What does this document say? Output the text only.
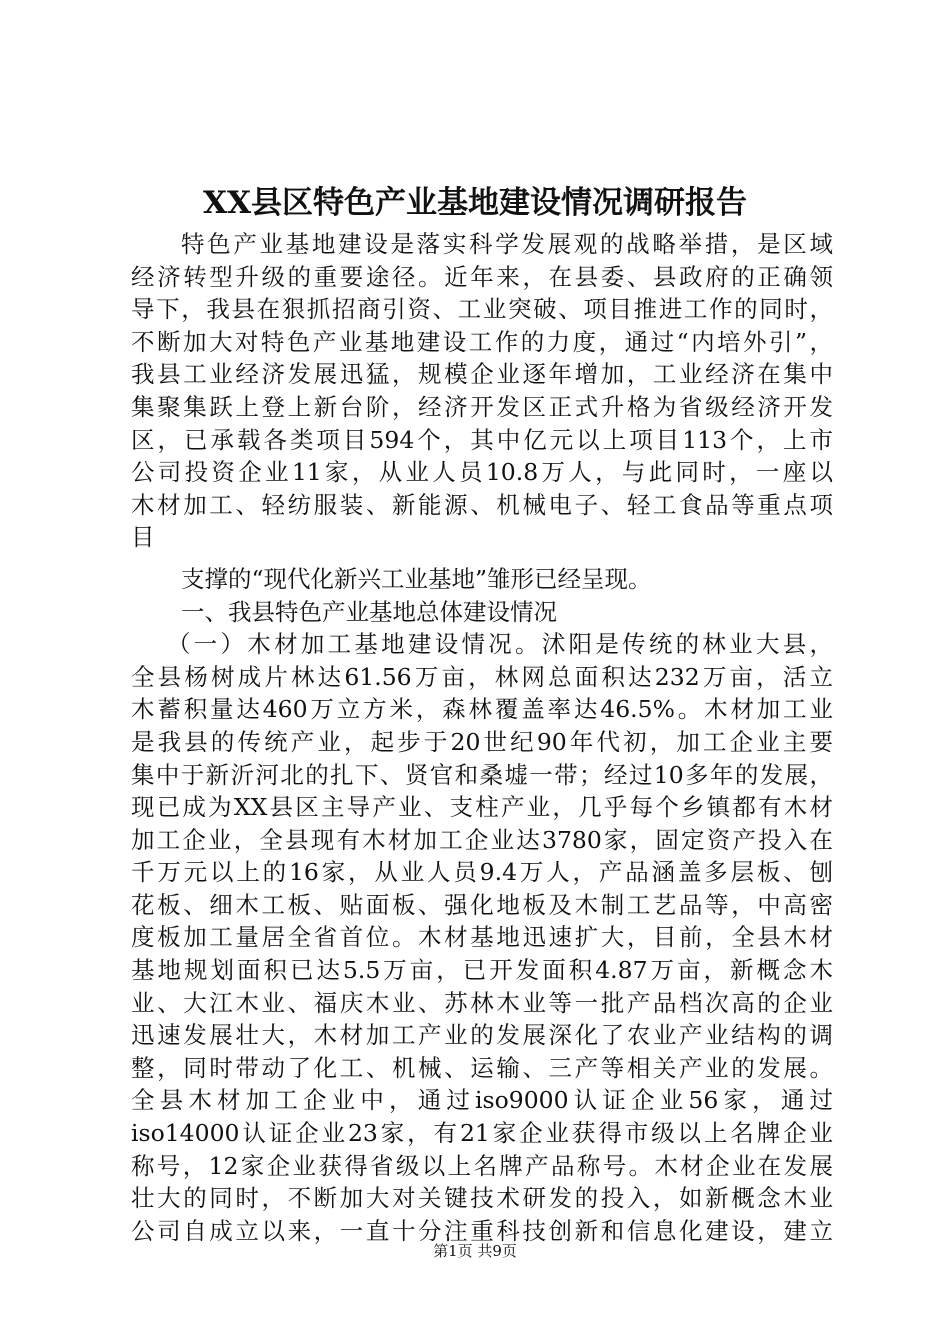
XX县区特色产业基地建设情况调研报告
特色产业基地建设是落实科学发展观的战略举措，是区域
经济转型升级的重要途径。近年来，在县委、县政府的正确领
导下，我县在狠抓招商引资、工业突破、项目推进工作的同时，
不断加大对特色产业基地建设工作的力度，通过“内培外引”，
我县工业经济发展迅猛，规模企业逐年增加，工业经济在集中
集聚集跃上登上新台阶，经济开发区正式升格为省级经济开发
区，已承载各类项目594个，其中亿元以上项目113个，上市
公司投资企业11家，从业人员10.8万人，与此同时，一座以
木材加工、轻纺服装、新能源、机械电子、轻工食品等重点项
目
支撑的“现代化新兴工业基地”雏形已经呈现。
一、我县特色产业基地总体建设情况
（一）木材加工基地建设情况。沭阳是传统的林业大县，
全县杨树成片林达61.56万亩，林网总面积达232万亩，活立
木蓄积量达460万立方米，森林覆盖率达46.5%。木材加工业
是我县的传统产业，起步于20世纪90年代初，加工企业主要
集中于新沂河北的扎下、贤官和桑墟一带；经过10多年的发展，
现已成为XX县区主导产业、支柱产业，几乎每个乡镇都有木材
加工企业，全县现有木材加工企业达3780家，固定资产投入在
千万元以上的16家，从业人员9.4万人，产品涵盖多层板、刨
花板、细木工板、贴面板、强化地板及木制工艺品等，中高密
度板加工量居全省首位。木材基地迅速扩大，目前，全县木材
基地规划面积已达5.5万亩，已开发面积4.87万亩，新概念木
业、大江木业、福庆木业、苏林木业等一批产品档次高的企业
迅速发展壮大，木材加工产业的发展深化了农业产业结构的调
整，同时带动了化工、机械、运输、三产等相关产业的发展。
全县木材加工企业中，通过iso9000认证企业56家，通过
iso14000认证企业23家，有21家企业获得市级以上名牌企业
称号，12家企业获得省级以上名牌产品称号。木材企业在发展
壮大的同时，不断加大对关键技术研发的投入，如新概念木业
公司自成立以来，一直十分注重科技创新和信息化建设，建立
第1页 共9页
